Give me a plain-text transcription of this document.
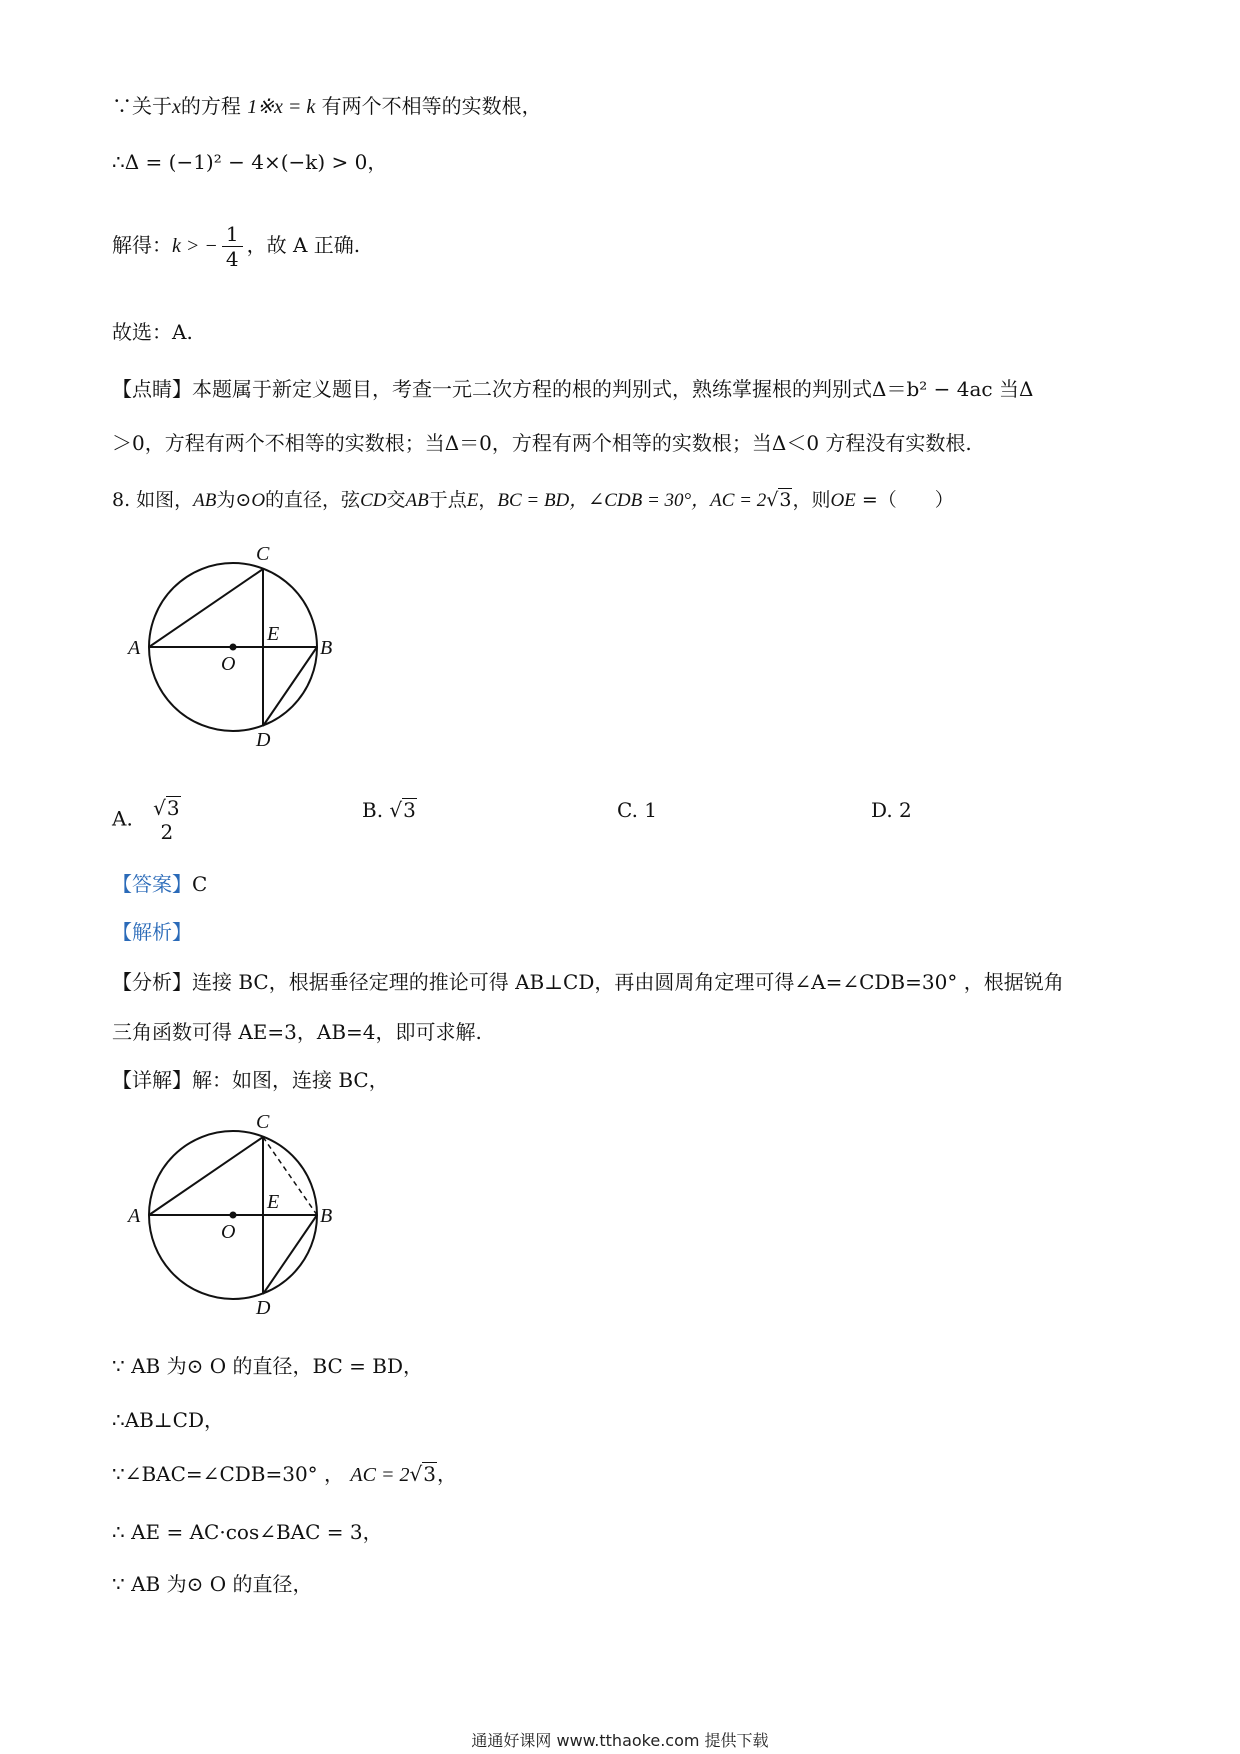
∵关于x的方程 1※x = k 有两个不相等的实数根，
∴Δ = (−1)² − 4×(−k) > 0，
解得：k > − $\frac{1}{4}$ ，故 A 正确.
故选：A.
【点睛】本题属于新定义题目，考查一元二次方程的根的判别式，熟练掌握根的判别式Δ＝b² − 4ac 当Δ
＞0，方程有两个不相等的实数根；当Δ＝0，方程有两个相等的实数根；当Δ＜0 方程没有实数根.
8. 如图，AB为⊙O的直径，弦CD交AB于点E，BC = BD，∠CDB = 30°，AC = 2√3，则OE =（　　）
C
A	B
E
O
D
A. √3
2
B. √3	C. 1	D. 2
【答案】C
【解析】
【分析】连接 BC，根据垂径定理的推论可得 AB⊥CD，再由圆周角定理可得∠A=∠CDB=30° ，根据锐角
三角函数可得 AE=3，AB=4，即可求解.
【详解】解：如图，连接 BC，
C
A	B
E
O
D
∵ AB 为⊙ O 的直径，BC = BD，
∴AB⊥CD，
∵∠BAC=∠CDB=30° ， AC = 2√3，
∴ AE = AC·cos∠BAC = 3，
∵ AB 为⊙ O 的直径，
通通好课网 www.tthaoke.com 提供下载
